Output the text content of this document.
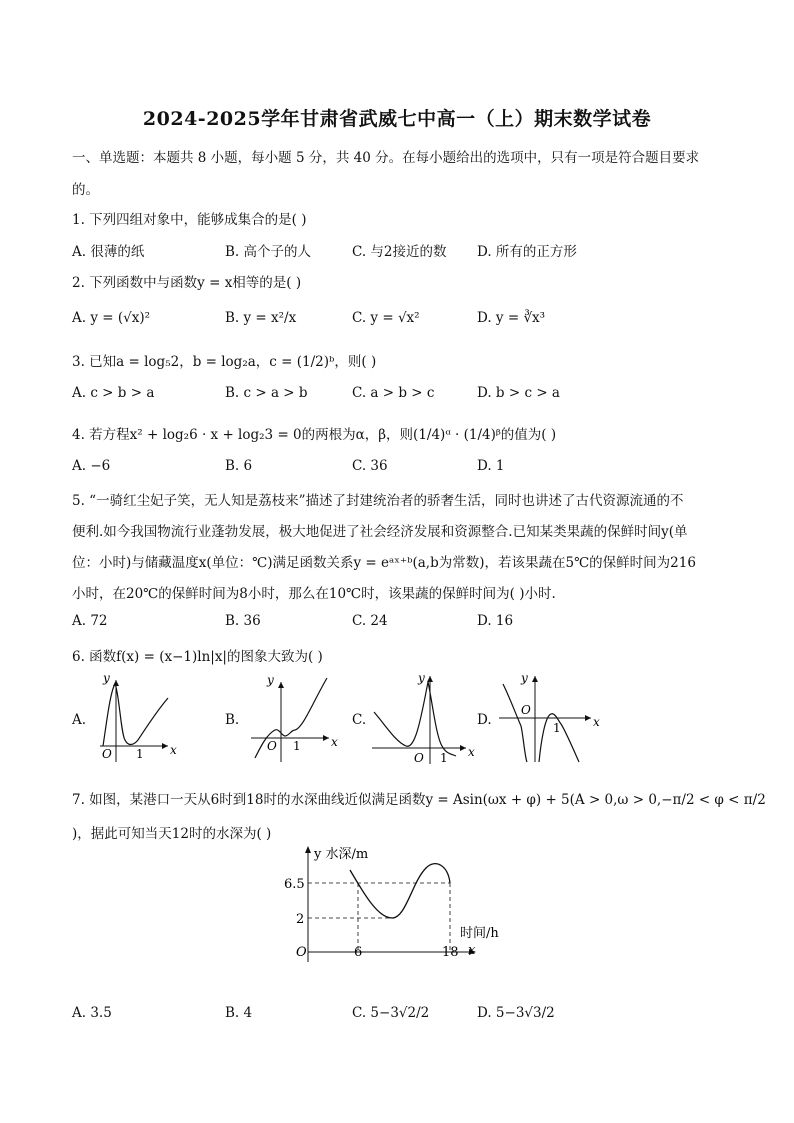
2024-2025学年甘肃省武威七中高一（上）期末数学试卷
一、单选题：本题共 8 小题，每小题 5 分，共 40 分。在每小题给出的选项中，只有一项是符合题目要求
的。
1. 下列四组对象中，能够成集合的是( )
A. 很薄的纸	B. 高个子的人	C. 与2接近的数 D. 所有的正方形
2. 下列函数中与函数y = x相等的是( )
A. y = (√x)²	B. y = x²/x	C. y = √x²	D. y = ∛x³
3. 已知a = log₅2，b = log₂a，c = (1/2)ᵇ，则( )
A. c > b > a	B. c > a > b	C. a > b > c	D. b > c > a
4. 若方程x² + log₂6 · x + log₂3 = 0的两根为α，β，则(1/4)ᵅ · (1/4)ᵝ的值为( )
A. −6	B. 6	C. 36	D. 1
5. “一骑红尘妃子笑，无人知是荔枝来”描述了封建统治者的骄奢生活，同时也讲述了古代资源流通的不
便利.如今我国物流行业蓬勃发展，极大地促进了社会经济发展和资源整合.已知某类果蔬的保鲜时间y(单
位：小时)与储藏温度x(单位：℃)满足函数关系y = eᵃˣ⁺ᵇ(a,b为常数)，若该果蔬在5℃的保鲜时间为216
小时，在20℃的保鲜时间为8小时，那么在10℃时，该果蔬的保鲜时间为( )小时.
A. 72	B. 36	C. 24	D. 16
6. 函数f(x) = (x−1)ln|x|的图象大致为( )
A.
y
x
O 1
B.
y
x
O 1
C.
y
x
O 1
D.
y
x
O
1
7. 如图，某港口一天从6时到18时的水深曲线近似满足函数y = Asin(ωx + φ) + 5(A > 0,ω > 0,−π/2 < φ < π/2
)，据此可知当天12时的水深为( )
y 水深/m
时间/h
x
O
6.5
2
6	18
A. 3.5	B. 4	C. 5−3√2/2	D. 5−3√3/2
